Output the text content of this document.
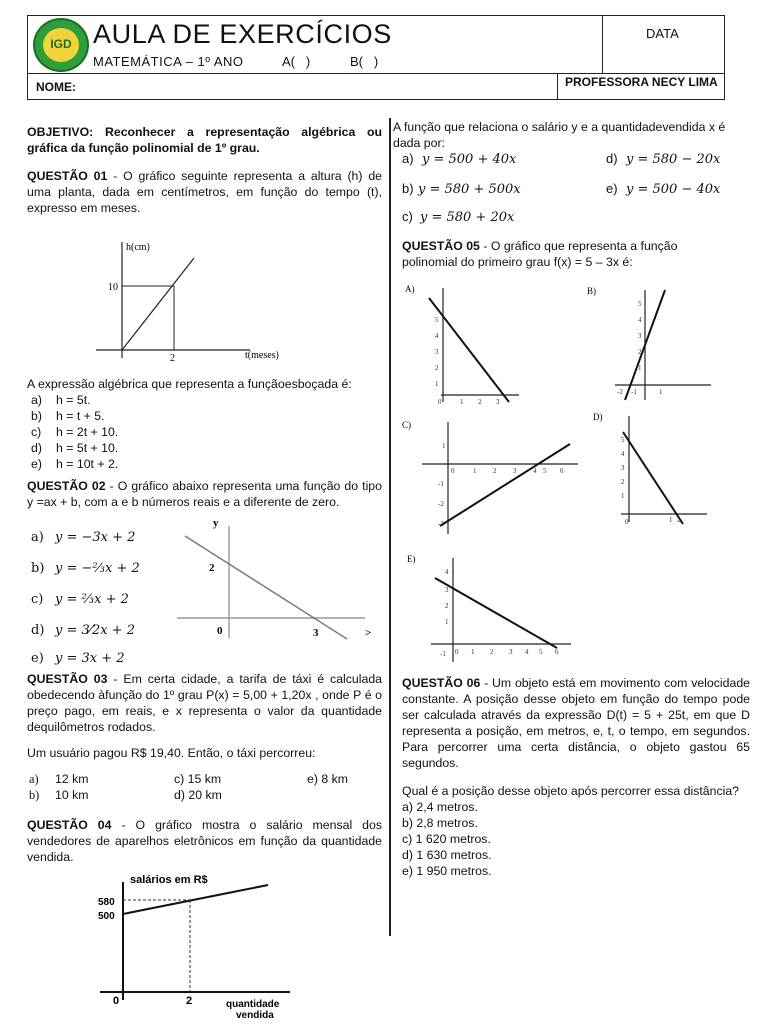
IGD AULA DE EXERCÍCIOS
MATEMÁTICA – 1º ANO	A(   )	B(   )
DATA
NOME:	PROFESSORA NECY LIMA
OBJETIVO: Reconhecer a representação algébrica ou gráfica da função polinomial de 1º grau.
QUESTÃO 01 - O gráfico seguinte representa a altura (h) de uma planta, dada em centímetros, em função do tempo (t), expresso em meses.
h(cm)
10
2	t(meses)
A expressão algébrica que representa a funçãoesboçada é:
a) h = 5t.
b) h = t + 5.
c) h = 2t + 10.
d) h = 5t + 10.
e) h = 10t + 2.
QUESTÃO 02 - O gráfico abaixo representa uma função do tipo y =ax + b, com a e b números reais e a diferente de zero.
a) y = −3x + 2
b) y = −⅔x + 2
c) y = ⅔x + 2
d) y = 3⁄2x + 2
e) y = 3x + 2
y
2
0	3	>
QUESTÃO 03 - Em certa cidade, a tarifa de táxi é calculada obedecendo àfunção do 1º grau P(x) = 5,00 + 1,20x , onde P é o preço pago, em reais, e x representa o valor da quantidade dequilômetros rodados.
Um usuário pagou R$ 19,40. Então, o táxi percorreu:
a) 12 km	c) 15 km	e) 8 km
b) 10 km	d) 20 km
QUESTÃO 04 - O gráfico mostra o salário mensal dos vendedores de aparelhos eletrônicos em função da quantidade vendida.
salários em R$
580
500
0	2	quantidade
vendida
A função que relaciona o salário y e a quantidadevendida x é dada por:
a) y = 500 + 40x	d) y = 580 − 20x
b) y = 580 + 500x	e) y = 500 − 40x
c) y = 580 + 20x
QUESTÃO 05 - O gráfico que representa a função polinomial do primeiro grau f(x) = 5 – 3x é:
A)
5
4
3
2
1
0	1 2 3
B)
5
4
3
2
1
-2 -1	1
C)
1
-1
-2
-3
0	1 2 3 4 5 6
D)
5
4
3
2
1
0	1 2
E)
4
3
2
1
-1 0 1 2 3 4 5 6
QUESTÃO 06 - Um objeto está em movimento com velocidade constante. A posição desse objeto em função do tempo pode ser calculada através da expressão D(t) = 5 + 25t, em que D representa a posição, em metros, e, t, o tempo, em segundos. Para percorrer uma certa distância, o objeto gastou 65 segundos.
Qual é a posição desse objeto após percorrer essa distância?
a) 2,4 metros.
b) 2,8 metros.
c) 1 620 metros.
d) 1 630 metros.
e) 1 950 metros.
